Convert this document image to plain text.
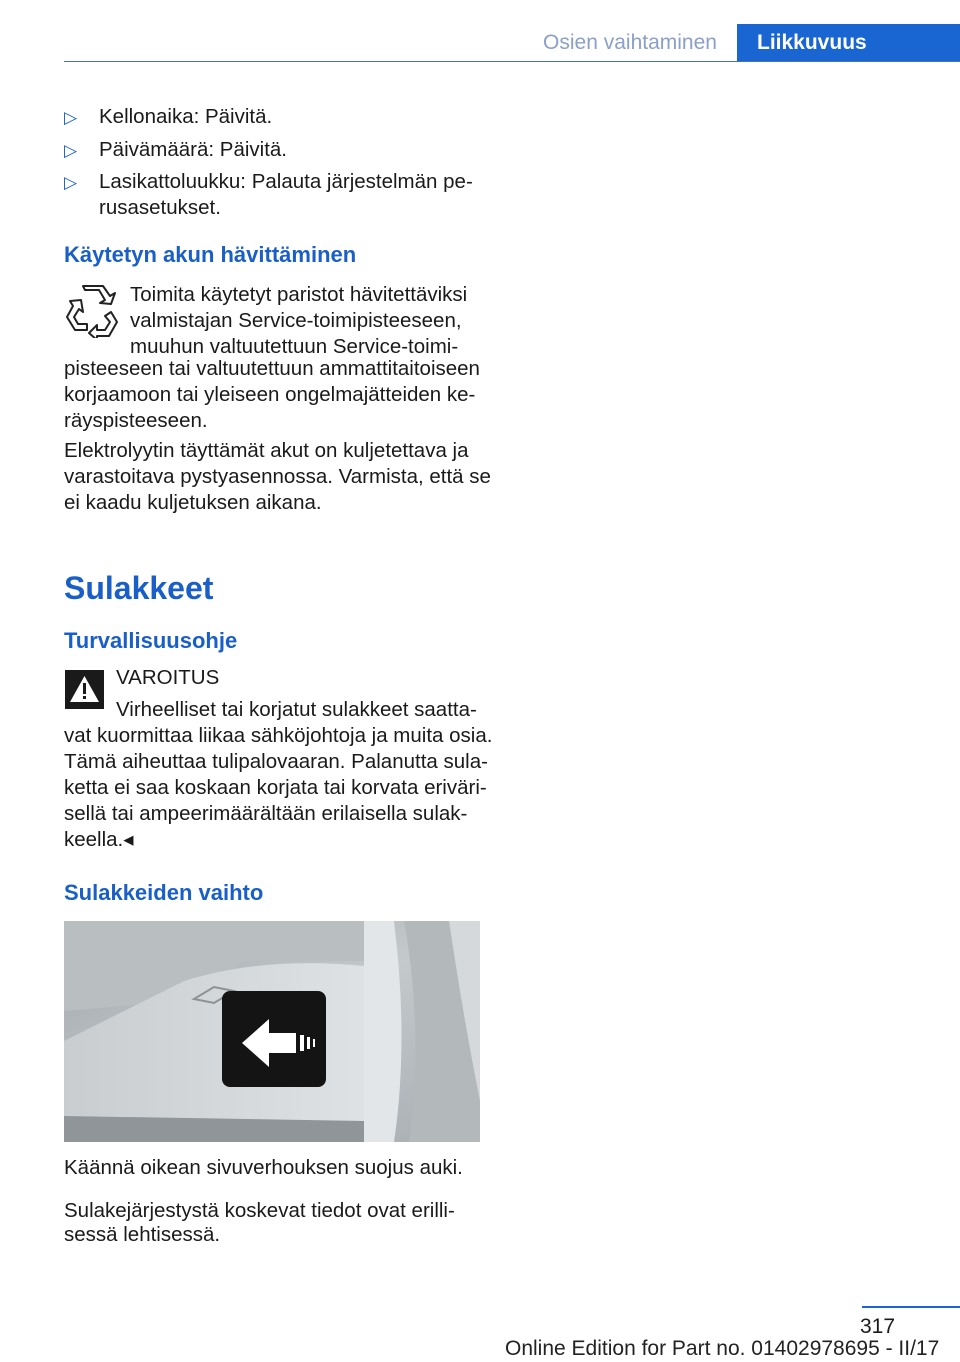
Osien vaihtaminen	Liikkuvuus
▷ Kellonaika: Päivitä.
▷ Päivämäärä: Päivitä.
▷ Lasikattoluukku: Palauta järjestelmän pe-
rusasetukset.
Käytetyn akun hävittäminen
Toimita käytetyt paristot hävitettäviksi
valmistajan Service-toimipisteeseen,
muuhun valtuutettuun Service-toimi-
pisteeseen tai valtuutettuun ammattitaitoiseen
korjaamoon tai yleiseen ongelmajätteiden ke-
räyspisteeseen.
Elektrolyytin täyttämät akut on kuljetettava ja
varastoitava pystyasennossa. Varmista, että se
ei kaadu kuljetuksen aikana.
Sulakkeet
Turvallisuusohje
VAROITUS
Virheelliset tai korjatut sulakkeet saatta-
vat kuormittaa liikaa sähköjohtoja ja muita osia.
Tämä aiheuttaa tulipalovaaran. Palanutta sula-
ketta ei saa koskaan korjata tai korvata eriväri-
sellä tai ampeerimäärältään erilaisella sulak-
keella.◂
Sulakkeiden vaihto
Käännä oikean sivuverhouksen suojus auki.
Sulakejärjestystä koskevat tiedot ovat erilli-
sessä lehtisessä.
317
Online Edition for Part no. 01402978695 - II/17
